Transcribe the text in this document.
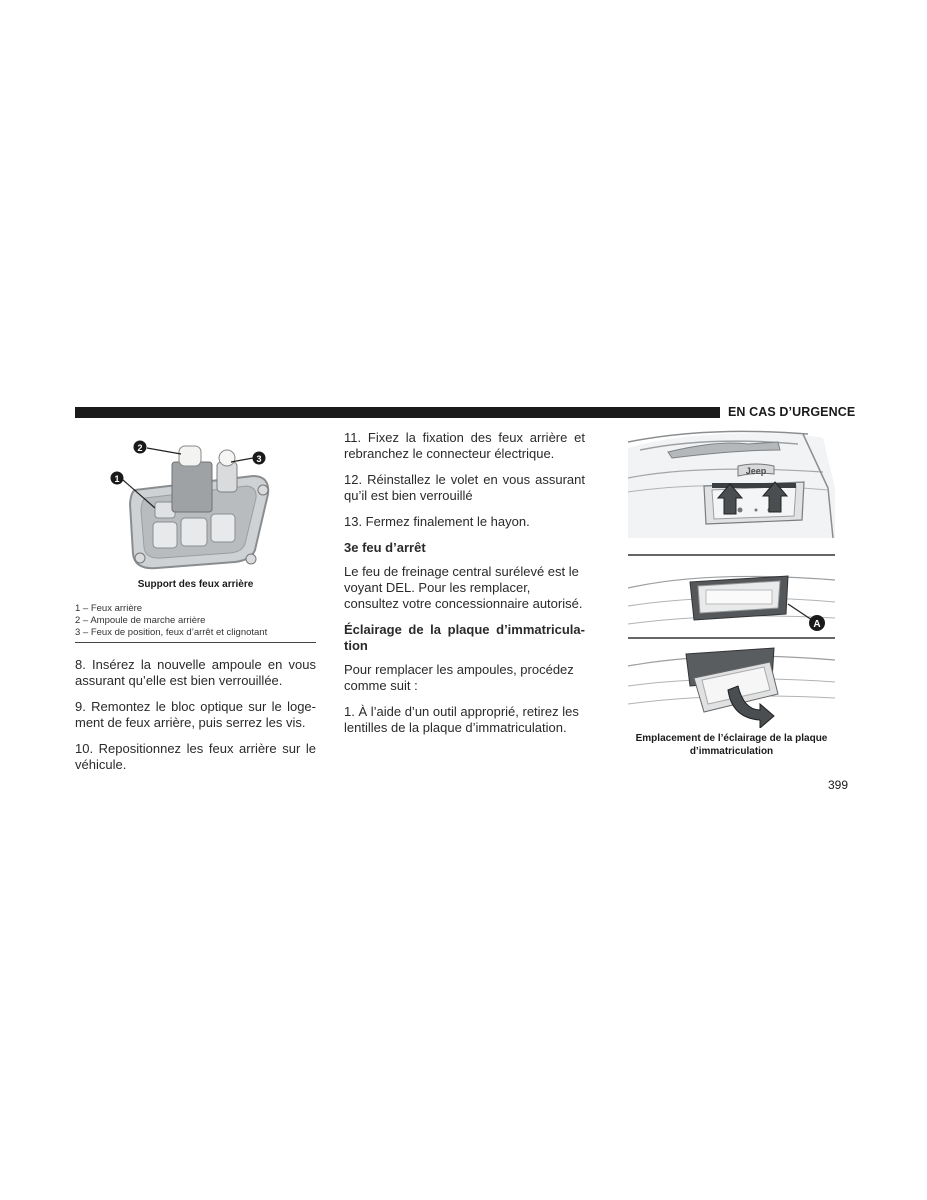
EN CAS D’URGENCE
2
3
1
Support des feux arrière
1 – Feux arrière
2 – Ampoule de marche arrière
3 – Feux de position, feux d’arrêt et clignotant

8. Insérez la nouvelle ampoule en vous assurant qu’elle est bien verrouillée.

9. Remontez le bloc optique sur le logement de feux arrière, puis serrez les vis.

10. Repositionnez les feux arrière sur le véhicule.

11. Fixez la fixation des feux arrière et rebranchez le connecteur électrique.

12. Réinstallez le volet en vous assurant qu’il est bien verrouillé

13. Fermez finalement le hayon.

3e feu d’arrêt

Le feu de freinage central surélevé est le voyant DEL. Pour les remplacer, consultez votre concessionnaire autorisé.

Éclairage de la plaque d’immatriculation

Pour remplacer les ampoules, procédez comme suit :

1. À l’aide d’un outil approprié, retirez les lentilles de la plaque d’immatriculation.

Jeep
A
Emplacement de l’éclairage de la plaque d’immatriculation
399
